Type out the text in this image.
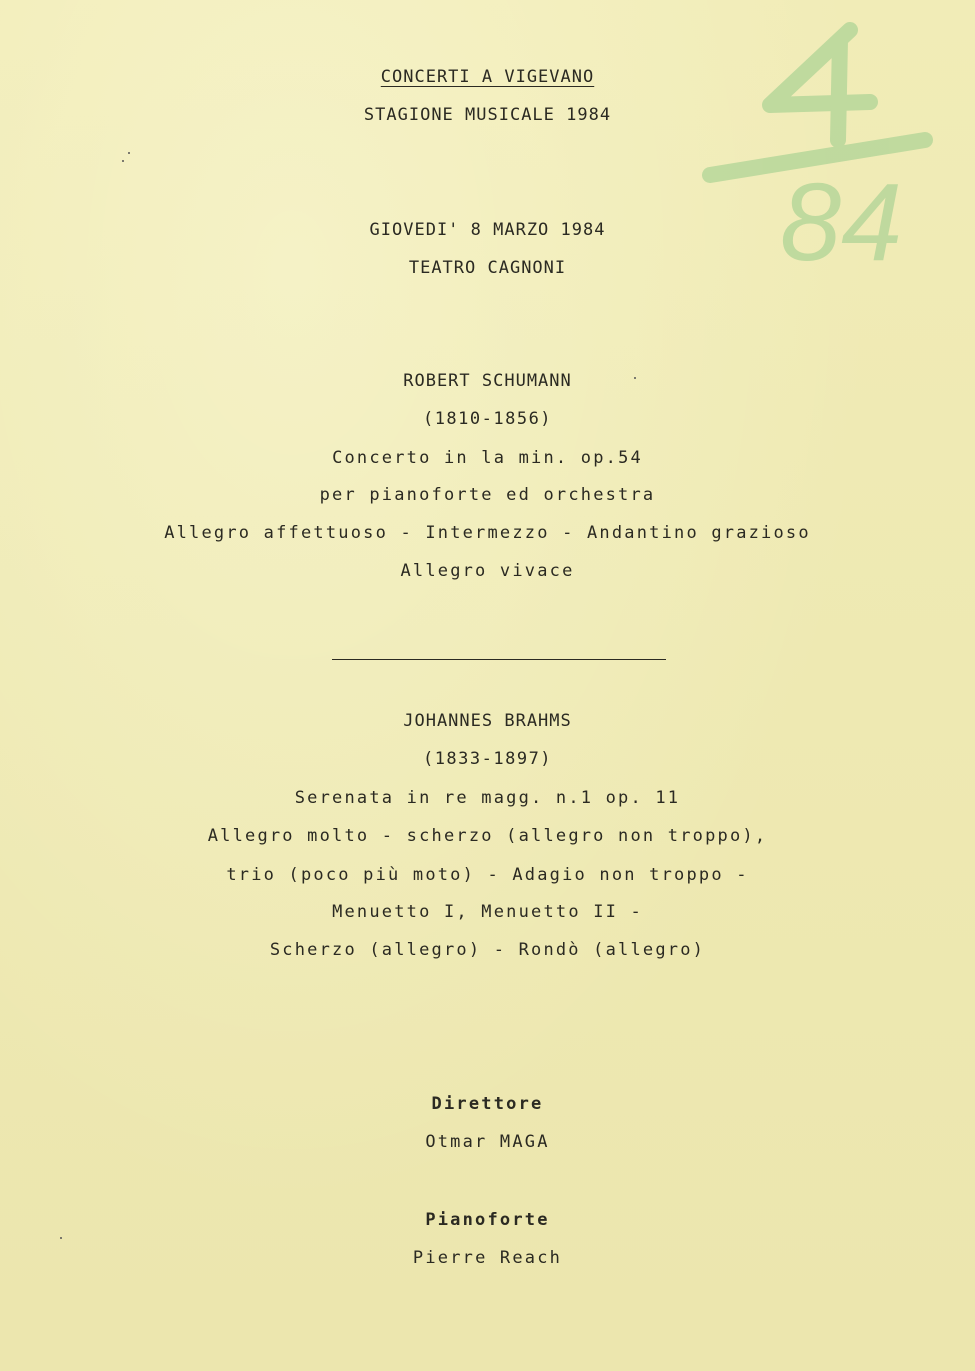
84
CONCERTI A VIGEVANO
STAGIONE MUSICALE 1984
GIOVEDI' 8 MARZO 1984
TEATRO CAGNONI
ROBERT SCHUMANN
(1810-1856)
Concerto in la min. op.54
per pianoforte ed orchestra
Allegro affettuoso - Intermezzo - Andantino grazioso
Allegro vivace
JOHANNES BRAHMS
(1833-1897)
Serenata in re magg. n.1 op. 11
Allegro molto - scherzo (allegro non troppo),
trio (poco più moto) - Adagio non troppo -
Menuetto I, Menuetto II -
Scherzo (allegro) - Rondò (allegro)
Direttore
Otmar MAGA
Pianoforte
Pierre Reach
